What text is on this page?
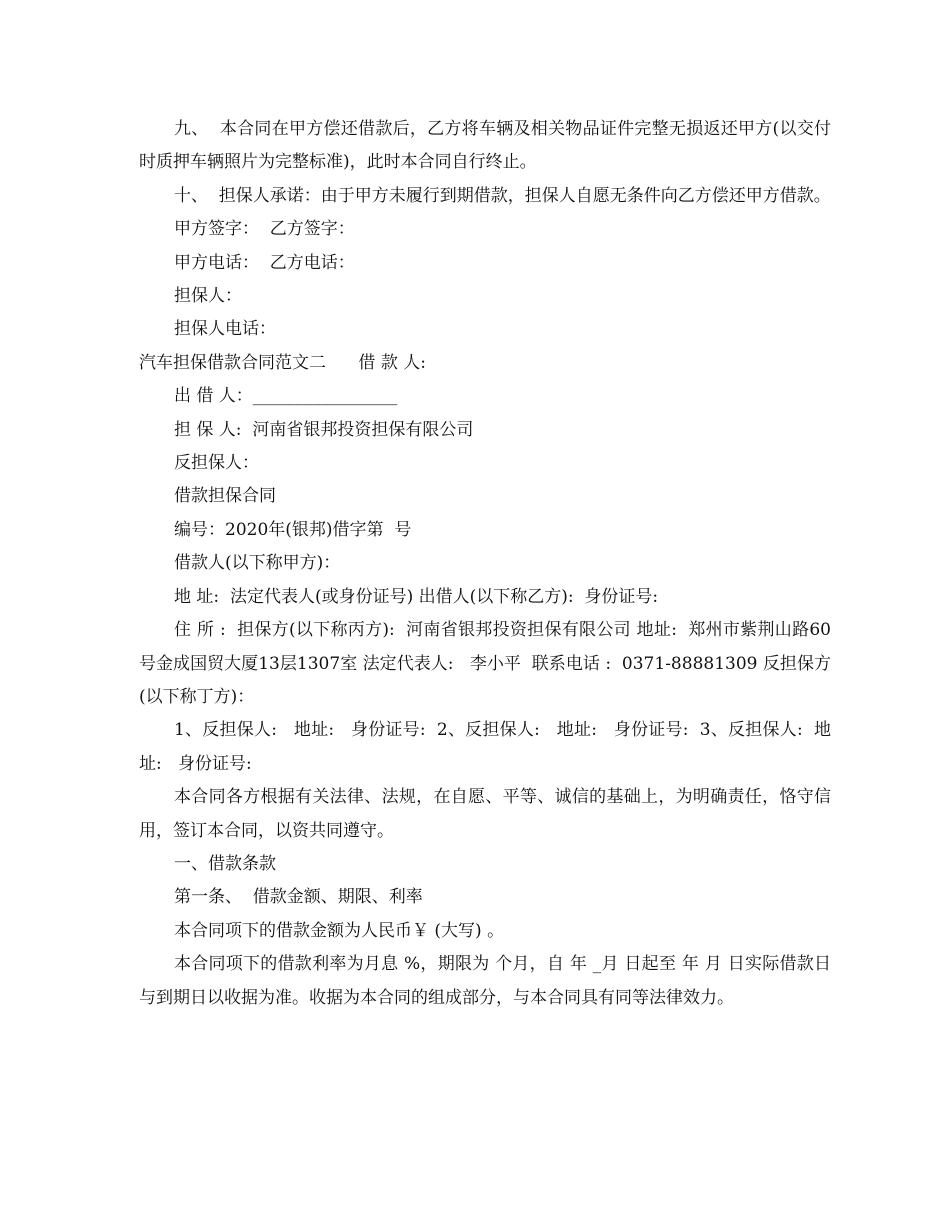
九、  本合同在甲方偿还借款后，乙方将车辆及相关物品证件完整无损返还甲方(以交付时质押车辆照片为完整标准)，此时本合同自行终止。

十、  担保人承诺：由于甲方未履行到期借款，担保人自愿无条件向乙方偿还甲方借款。

甲方签字：  乙方签字：

甲方电话：  乙方电话：

担保人：

担保人电话：

汽车担保借款合同范文二      借 款 人:

出 借 人：_________________

担 保 人:  河南省银邦投资担保有限公司

反担保人：

借款担保合同

编号：2020年(银邦)借字第  号

借款人(以下称甲方)：

地 址:  法定代表人(或身份证号) 出借人(以下称乙方):  身份证号:

住 所 :  担保方(以下称丙方):  河南省银邦投资担保有限公司 地址:  郑州市紫荆山路60号金成国贸大厦13层1307室 法定代表人:   李小平  联系电话 :  0371-88881309 反担保方(以下称丁方)：

1、反担保人:   地址:   身份证号:  2、反担保人:   地址:   身份证号:  3、反担保人:  地址:   身份证号:

本合同各方根据有关法律、法规，在自愿、平等、诚信的基础上，为明确责任，恪守信用，签订本合同，以资共同遵守。

一、借款条款

第一条、  借款金额、期限、利率

本合同项下的借款金额为人民币￥ (大写) 。

本合同项下的借款利率为月息 %，期限为 个月，自 年 _月 日起至 年 月 日实际借款日与到期日以收据为准。收据为本合同的组成部分，与本合同具有同等法律效力。
